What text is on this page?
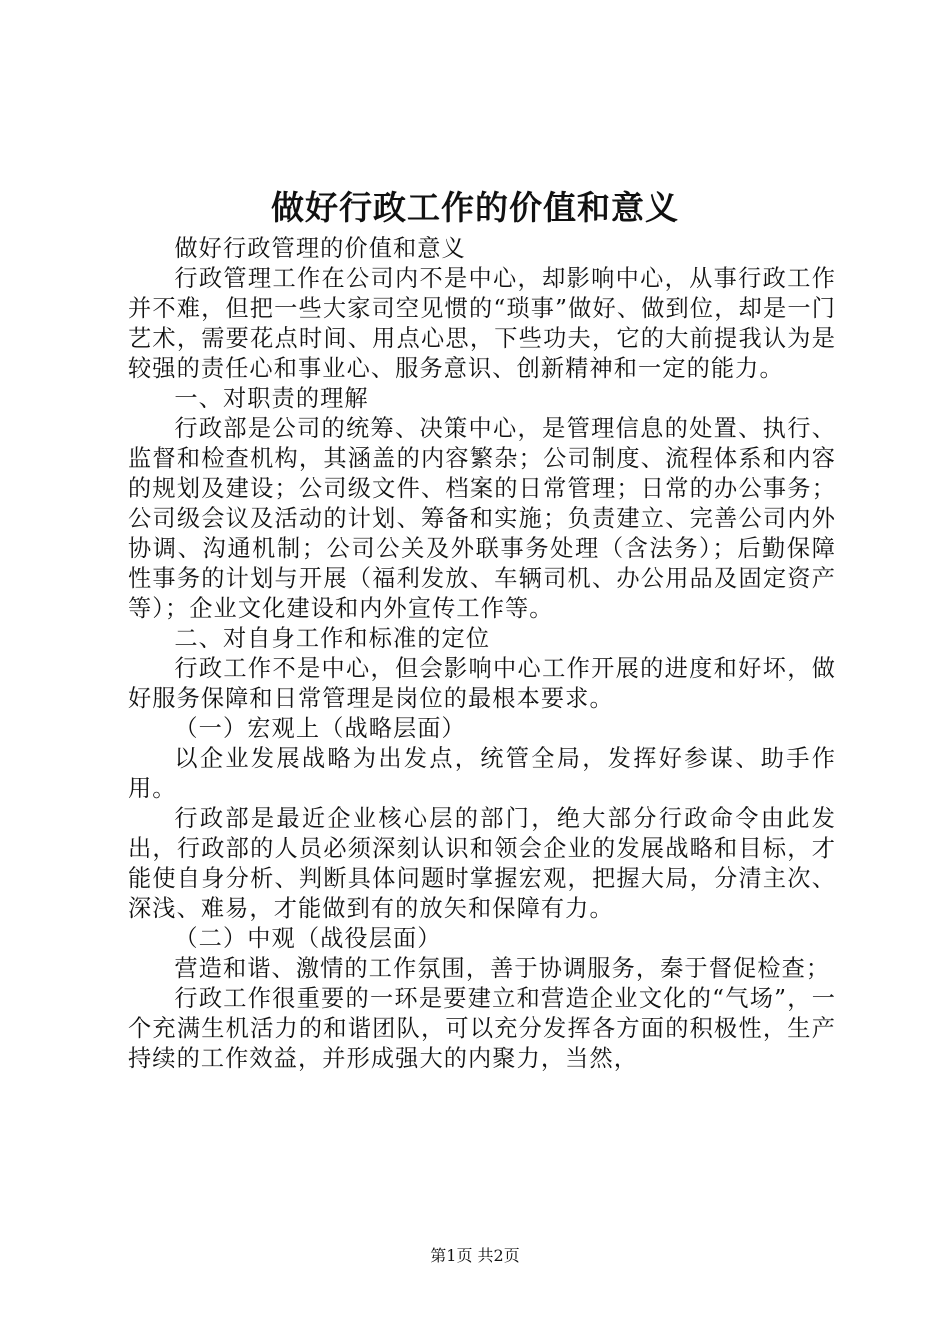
做好行政工作的价值和意义

做好行政管理的价值和意义

行政管理工作在公司内不是中心，却影响中心，从事行政工作并不难，但把一些大家司空见惯的“琐事”做好、做到位，却是一门艺术，需要花点时间、用点心思，下些功夫，它的大前提我认为是较强的责任心和事业心、服务意识、创新精神和一定的能力。

一、对职责的理解

行政部是公司的统筹、决策中心，是管理信息的处置、执行、监督和检查机构，其涵盖的内容繁杂；公司制度、流程体系和内容的规划及建设；公司级文件、档案的日常管理；日常的办公事务；公司级会议及活动的计划、筹备和实施；负责建立、完善公司内外协调、沟通机制；公司公关及外联事务处理（含法务）；后勤保障性事务的计划与开展（福利发放、车辆司机、办公用品及固定资产等）；企业文化建设和内外宣传工作等。

二、对自身工作和标准的定位

行政工作不是中心，但会影响中心工作开展的进度和好坏，做好服务保障和日常管理是岗位的最根本要求。

（一）宏观上（战略层面）

以企业发展战略为出发点，统管全局，发挥好参谋、助手作用。

行政部是最近企业核心层的部门，绝大部分行政命令由此发出，行政部的人员必须深刻认识和领会企业的发展战略和目标，才能使自身分析、判断具体问题时掌握宏观，把握大局，分清主次、深浅、难易，才能做到有的放矢和保障有力。

（二）中观（战役层面）

营造和谐、激情的工作氛围，善于协调服务，秦于督促检查；

行政工作很重要的一环是要建立和营造企业文化的“气场”，一个充满生机活力的和谐团队，可以充分发挥各方面的积极性，生产持续的工作效益，并形成强大的内聚力，当然，

第1页 共2页
